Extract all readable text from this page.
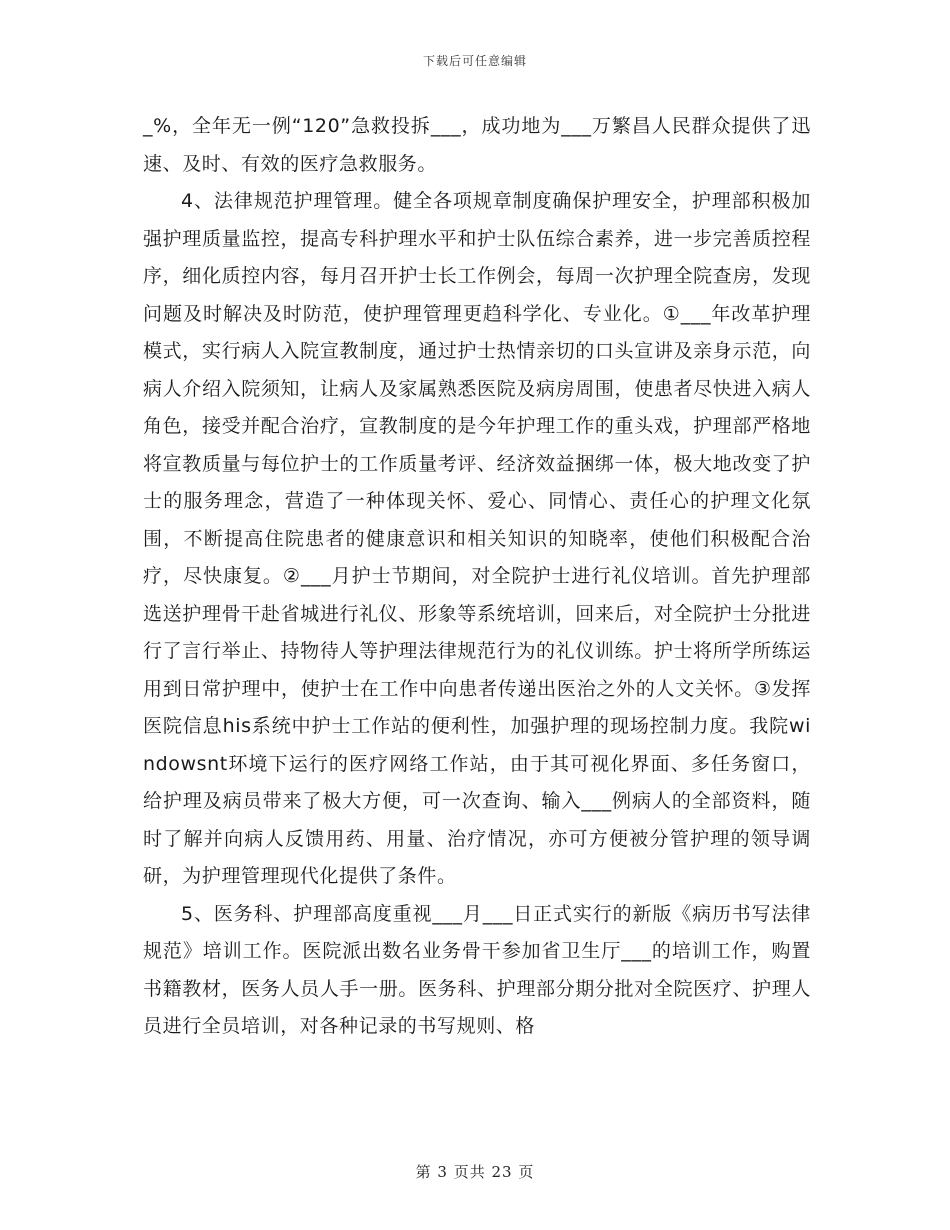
下载后可任意编辑

_%，全年无一例“120”急救投拆___，成功地为___万繁昌人民群众提供了迅速、及时、有效的医疗急救服务。

4、法律规范护理管理。健全各项规章制度确保护理安全，护理部积极加强护理质量监控，提高专科护理水平和护士队伍综合素养，进一步完善质控程序，细化质控内容，每月召开护士长工作例会，每周一次护理全院查房，发现问题及时解决及时防范，使护理管理更趋科学化、专业化。①___年改革护理模式，实行病人入院宣教制度，通过护士热情亲切的口头宣讲及亲身示范，向病人介绍入院须知，让病人及家属熟悉医院及病房周围，使患者尽快进入病人角色，接受并配合治疗，宣教制度的是今年护理工作的重头戏，护理部严格地将宣教质量与每位护士的工作质量考评、经济效益捆绑一体，极大地改变了护士的服务理念，营造了一种体现关怀、爱心、同情心、责任心的护理文化氛围，不断提高住院患者的健康意识和相关知识的知晓率，使他们积极配合治疗，尽快康复。②___月护士节期间，对全院护士进行礼仪培训。首先护理部选送护理骨干赴省城进行礼仪、形象等系统培训，回来后，对全院护士分批进行了言行举止、持物待人等护理法律规范行为的礼仪训练。护士将所学所练运用到日常护理中，使护士在工作中向患者传递出医治之外的人文关怀。③发挥医院信息his系统中护士工作站的便利性，加强护理的现场控制力度。我院windowsnt环境下运行的医疗网络工作站，由于其可视化界面、多任务窗口，给护理及病员带来了极大方便，可一次查询、输入___例病人的全部资料，随时了解并向病人反馈用药、用量、治疗情况，亦可方便被分管护理的领导调研，为护理管理现代化提供了条件。

5、医务科、护理部高度重视___月___日正式实行的新版《病历书写法律规范》培训工作。医院派出数名业务骨干参加省卫生厅___的培训工作，购置书籍教材，医务人员人手一册。医务科、护理部分期分批对全院医疗、护理人员进行全员培训，对各种记录的书写规则、格

第 3 页共 23 页
